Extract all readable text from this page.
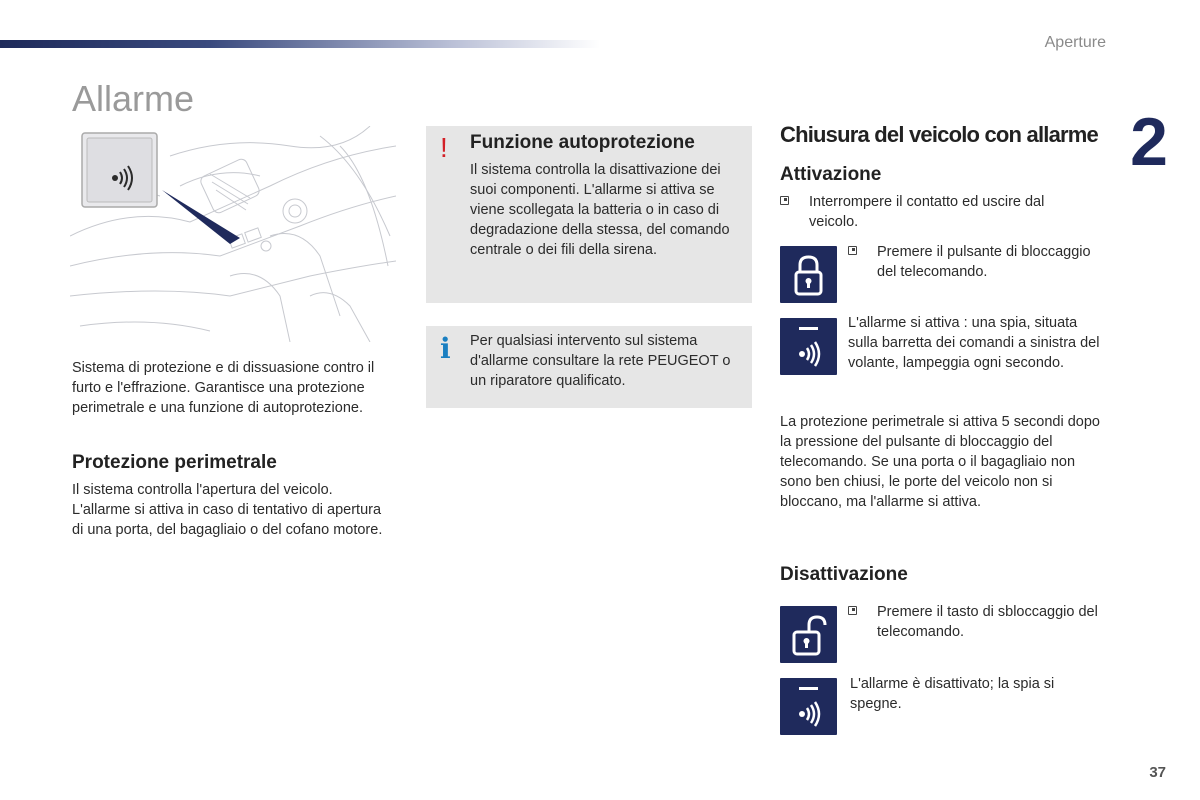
Aperture
2
Allarme
Sistema di protezione e di dissuasione contro il furto e l'effrazione. Garantisce una protezione perimetrale e una funzione di autoprotezione.
Protezione perimetrale
Il sistema controlla l'apertura del veicolo. L'allarme si attiva in caso di tentativo di apertura di una porta, del bagagliaio o del cofano motore.
! Funzione autoprotezione
Il sistema controlla la disattivazione dei suoi componenti. L'allarme si attiva se viene scollegata la batteria o in caso di degradazione della stessa, del comando centrale o dei fili della sirena.
i Per qualsiasi intervento sul sistema d'allarme consultare la rete PEUGEOT o un riparatore qualificato.
Chiusura del veicolo con allarme
Attivazione
Interrompere il contatto ed uscire dal veicolo.
Premere il pulsante di bloccaggio del telecomando.
L'allarme si attiva : una spia, situata sulla barretta dei comandi a sinistra del volante, lampeggia ogni secondo.
La protezione perimetrale si attiva 5 secondi dopo la pressione del pulsante di bloccaggio del telecomando. Se una porta o il bagagliaio non sono ben chiusi, le porte del veicolo non si bloccano, ma l'allarme si attiva.
Disattivazione
Premere il tasto di sbloccaggio del telecomando.
L'allarme è disattivato; la spia si spegne.
37
